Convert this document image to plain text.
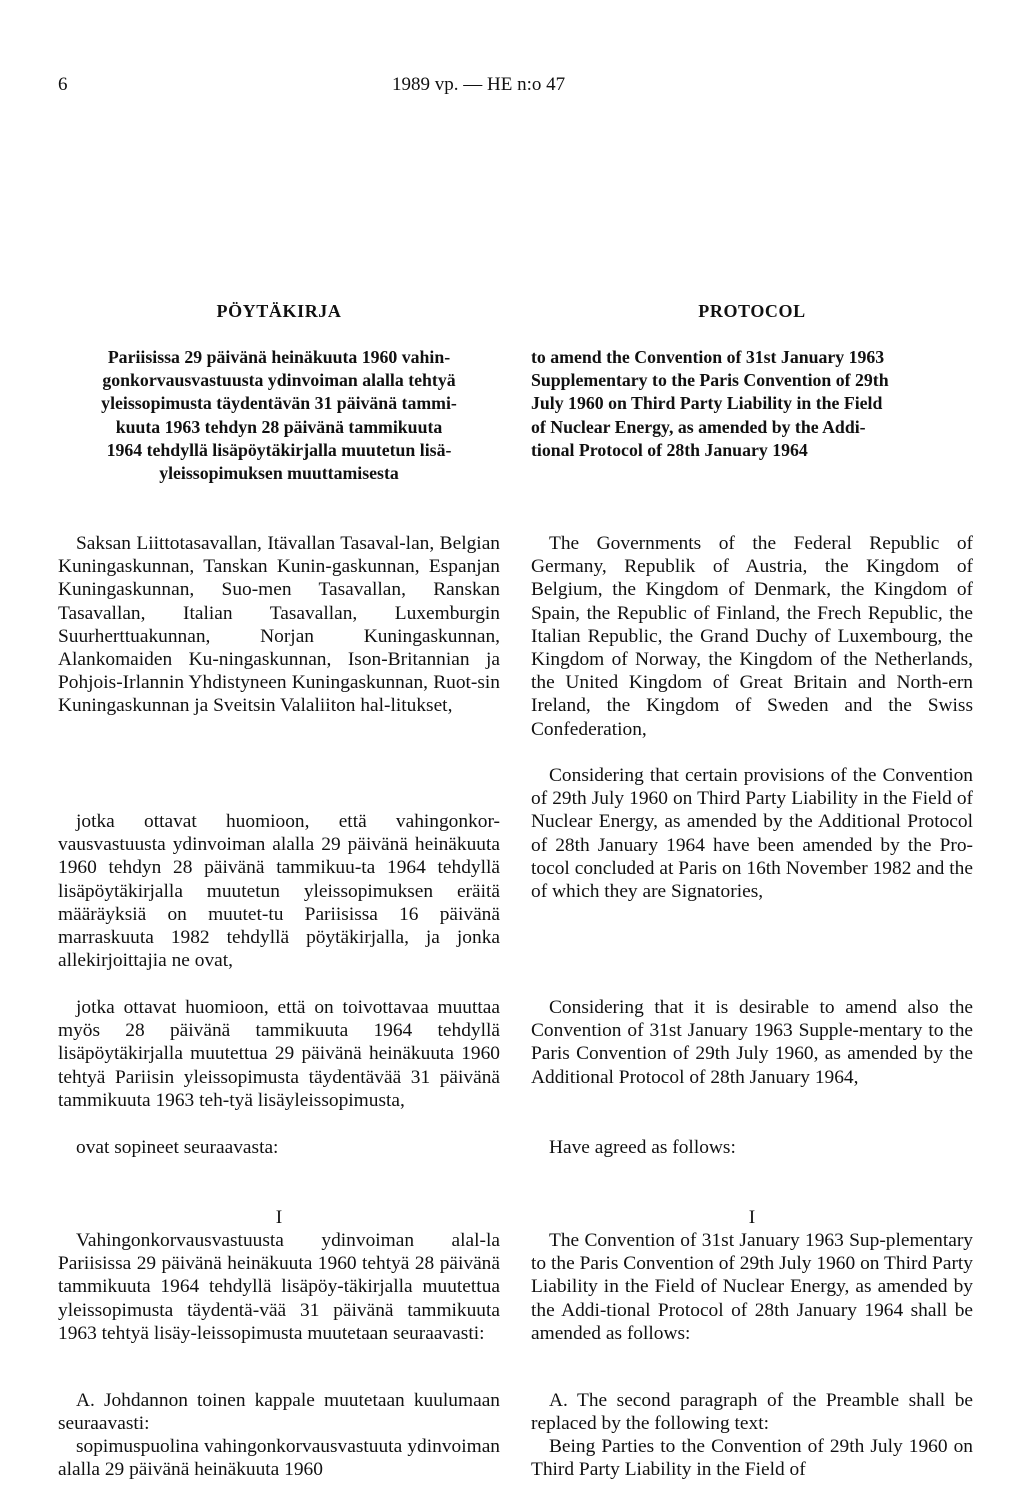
6	1989 vp. — HE n:o 47

PÖYTÄKIRJA

Pariisissa 29 päivänä heinäkuuta 1960 vahin-
gonkorvausvastuusta ydinvoiman alalla tehtyä
yleissopimusta täydentävän 31 päivänä tammi-
kuuta 1963 tehdyn 28 päivänä tammikuuta
1964 tehdyllä lisäpöytäkirjalla muutetun lisä-

yleissopimuksen muuttamisesta

Saksan Liittotasavallan, Itävallan Tasaval-lan, Belgian Kuningaskunnan, Tanskan Kunin-gaskunnan, Espanjan Kuningaskunnan, Suo-men Tasavallan, Ranskan Tasavallan, Italian Tasavallan, Luxemburgin Suurherttuakunnan, Norjan Kuningaskunnan, Alankomaiden Ku-ningaskunnan, Ison-Britannian ja Pohjois-Irlannin Yhdistyneen Kuningaskunnan, Ruot-sin Kuningaskunnan ja Sveitsin Valaliiton hal-litukset,

jotka ottavat huomioon, että vahingonkor-vausvastuusta ydinvoiman alalla 29 päivänä heinäkuuta 1960 tehdyn 28 päivänä tammikuu-ta 1964 tehdyllä lisäpöytäkirjalla muutetun yleissopimuksen eräitä määräyksiä on muutet-tu Pariisissa 16 päivänä marraskuuta 1982 tehdyllä pöytäkirjalla, ja jonka allekirjoittajia ne ovat,

jotka ottavat huomioon, että on toivottavaa muuttaa myös 28 päivänä tammikuuta 1964 tehdyllä lisäpöytäkirjalla muutettua 29 päivänä heinäkuuta 1960 tehtyä Pariisin yleissopimusta täydentävää 31 päivänä tammikuuta 1963 teh-tyä lisäyleissopimusta,

ovat sopineet seuraavasta:

I

Vahingonkorvausvastuusta ydinvoiman alal-la Pariisissa 29 päivänä heinäkuuta 1960 tehtyä 28 päivänä tammikuuta 1964 tehdyllä lisäpöy-täkirjalla muutettua yleissopimusta täydentä-vää 31 päivänä tammikuuta 1963 tehtyä lisäy-leissopimusta muutetaan seuraavasti:

A. Johdannon toinen kappale muutetaan kuulumaan seuraavasti:

sopimuspuolina vahingonkorvausvastuuta ydinvoiman alalla 29 päivänä heinäkuuta 1960

PROTOCOL

to amend the Convention of 31st January 1963
Supplementary to the Paris Convention of 29th
July 1960 on Third Party Liability in the Field
of Nuclear Energy, as amended by the Addi-

tional Protocol of 28th January 1964

The Governments of the Federal Republic of Germany, Republik of Austria, the Kingdom of Belgium, the Kingdom of Denmark, the Kingdom of Spain, the Republic of Finland, the Frech Republic, the Italian Republic, the Grand Duchy of Luxembourg, the Kingdom of Norway, the Kingdom of the Netherlands, the United Kingdom of Great Britain and North-ern Ireland, the Kingdom of Sweden and the Swiss Confederation,

Considering that certain provisions of the Convention of 29th July 1960 on Third Party Liability in the Field of Nuclear Energy, as amended by the Additional Protocol of 28th January 1964 have been amended by the Pro-tocol concluded at Paris on 16th November 1982 and the of which they are Signatories,

Considering that it is desirable to amend also the Convention of 31st January 1963 Supple-mentary to the Paris Convention of 29th July 1960, as amended by the Additional Protocol of 28th January 1964,

Have agreed as follows:

I

The Convention of 31st January 1963 Sup-plementary to the Paris Convention of 29th July 1960 on Third Party Liability in the Field of Nuclear Energy, as amended by the Addi-tional Protocol of 28th January 1964 shall be amended as follows:

A. The second paragraph of the Preamble shall be replaced by the following text:

Being Parties to the Convention of 29th July 1960 on Third Party Liability in the Field of
